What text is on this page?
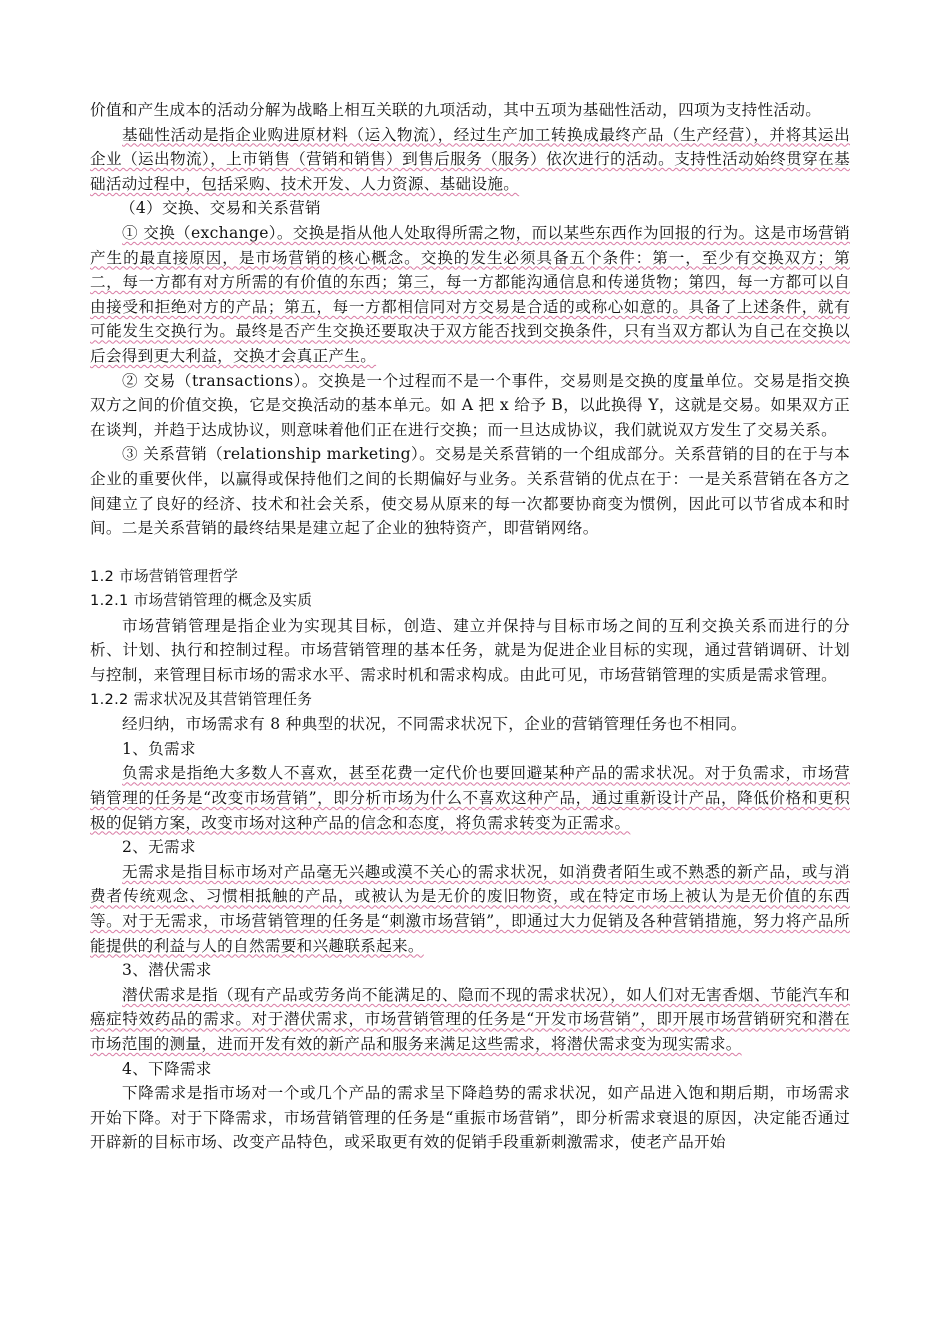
价值和产生成本的活动分解为战略上相互关联的九项活动，其中五项为基础性活动，四项为支持性活动。

基础性活动是指企业购进原材料（运入物流），经过生产加工转换成最终产品（生产经营），并将其运出企业（运出物流），上市销售（营销和销售）到售后服务（服务）依次进行的活动。支持性活动始终贯穿在基础活动过程中，包括采购、技术开发、人力资源、基础设施。

（4）交换、交易和关系营销

① 交换（exchange）。交换是指从他人处取得所需之物，而以某些东西作为回报的行为。这是市场营销产生的最直接原因，是市场营销的核心概念。交换的发生必须具备五个条件：第一，至少有交换双方；第二，每一方都有对方所需的有价值的东西；第三，每一方都能沟通信息和传递货物；第四，每一方都可以自由接受和拒绝对方的产品；第五，每一方都相信同对方交易是合适的或称心如意的。具备了上述条件，就有可能发生交换行为。最终是否产生交换还要取决于双方能否找到交换条件，只有当双方都认为自己在交换以后会得到更大利益，交换才会真正产生。

② 交易（transactions）。交换是一个过程而不是一个事件，交易则是交换的度量单位。交易是指交换双方之间的价值交换，它是交换活动的基本单元。如 A 把 x 给予 B，以此换得 Y，这就是交易。如果双方正在谈判，并趋于达成协议，则意味着他们正在进行交换；而一旦达成协议，我们就说双方发生了交易关系。

③ 关系营销（relationship marketing）。交易是关系营销的一个组成部分。关系营销的目的在于与本企业的重要伙伴，以赢得或保持他们之间的长期偏好与业务。关系营销的优点在于：一是关系营销在各方之间建立了良好的经济、技术和社会关系，使交易从原来的每一次都要协商变为惯例，因此可以节省成本和时间。二是关系营销的最终结果是建立起了企业的独特资产，即营销网络。

1.2 市场营销管理哲学

1.2.1 市场营销管理的概念及实质

市场营销管理是指企业为实现其目标，创造、建立并保持与目标市场之间的互利交换关系而进行的分析、计划、执行和控制过程。市场营销管理的基本任务，就是为促进企业目标的实现，通过营销调研、计划与控制，来管理目标市场的需求水平、需求时机和需求构成。由此可见，市场营销管理的实质是需求管理。

1.2.2 需求状况及其营销管理任务

经归纳，市场需求有 8 种典型的状况，不同需求状况下，企业的营销管理任务也不相同。

1、负需求

负需求是指绝大多数人不喜欢，甚至花费一定代价也要回避某种产品的需求状况。对于负需求，市场营销管理的任务是“改变市场营销”，即分析市场为什么不喜欢这种产品，通过重新设计产品，降低价格和更积极的促销方案，改变市场对这种产品的信念和态度，将负需求转变为正需求。

2、无需求

无需求是指目标市场对产品毫无兴趣或漠不关心的需求状况，如消费者陌生或不熟悉的新产品，或与消费者传统观念、习惯相抵触的产品，或被认为是无价的废旧物资，或在特定市场上被认为是无价值的东西等。对于无需求，市场营销管理的任务是“刺激市场营销”，即通过大力促销及各种营销措施，努力将产品所能提供的利益与人的自然需要和兴趣联系起来。

3、潜伏需求

潜伏需求是指（现有产品或劳务尚不能满足的、隐而不现的需求状况），如人们对无害香烟、节能汽车和癌症特效药品的需求。对于潜伏需求，市场营销管理的任务是“开发市场营销”，即开展市场营销研究和潜在市场范围的测量，进而开发有效的新产品和服务来满足这些需求，将潜伏需求变为现实需求。

4、下降需求

下降需求是指市场对一个或几个产品的需求呈下降趋势的需求状况，如产品进入饱和期后期，市场需求开始下降。对于下降需求，市场营销管理的任务是“重振市场营销”，即分析需求衰退的原因，决定能否通过开辟新的目标市场、改变产品特色，或采取更有效的促销手段重新刺激需求，使老产品开始
